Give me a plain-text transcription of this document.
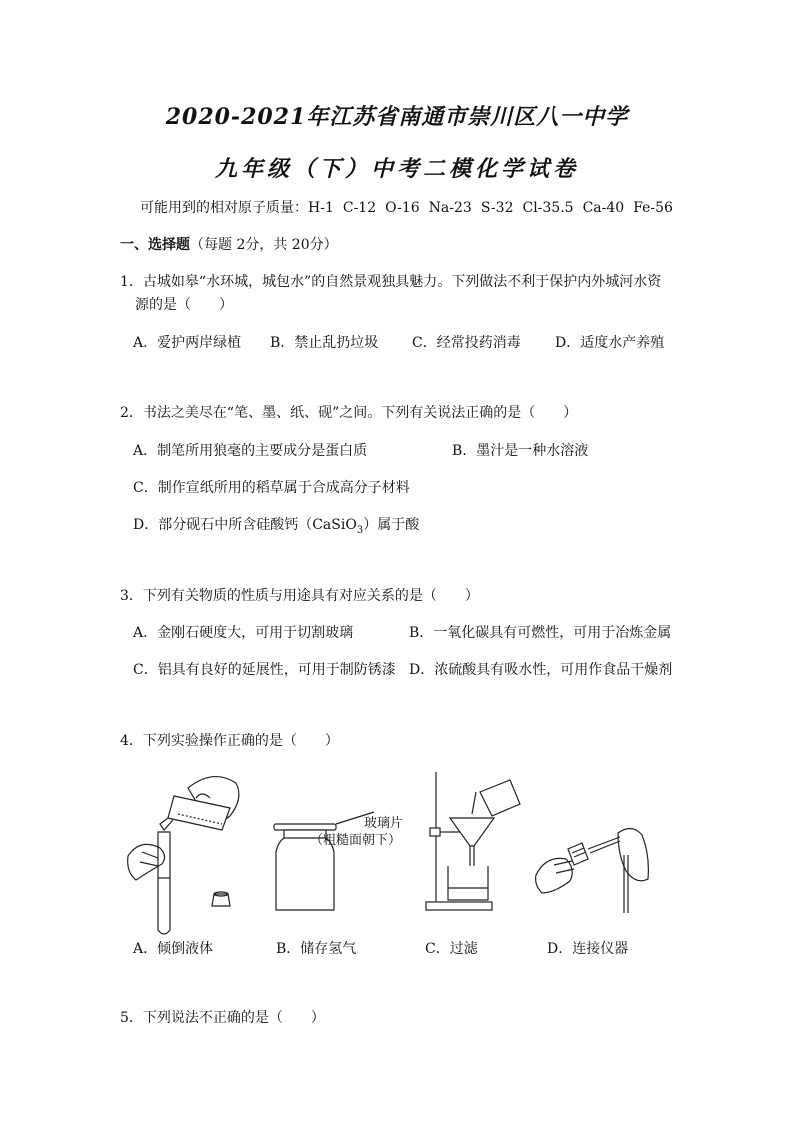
2020-2021年江苏省南通市崇川区八一中学
九年级（下）中考二模化学试卷
可能用到的相对原子质量：H-1 C-12 O-16 Na-23 S-32 Cl-35.5 Ca-40 Fe-56
一、选择题（每题 2分，共 20分）
1．古城如皋“水环城，城包水”的自然景观独具魅力。下列做法不利于保护内外城河水资
源的是（　　）
A．爱护两岸绿植 B．禁止乱扔垃圾 C．经常投药消毒 D．适度水产养殖
2．书法之美尽在“笔、墨、纸、砚”之间。下列有关说法正确的是（　　）
A．制笔所用狼毫的主要成分是蛋白质	B．墨汁是一种水溶液
C．制作宣纸所用的稻草属于合成高分子材料
D．部分砚石中所含硅酸钙（CaSiO$_3$）属于酸
3．下列有关物质的性质与用途具有对应关系的是（　　）
A．金刚石硬度大，可用于切割玻璃	B．一氧化碳具有可燃性，可用于冶炼金属
C．铝具有良好的延展性，可用于制防锈漆 D．浓硫酸具有吸水性，可用作食品干燥剂
4．下列实验操作正确的是（　　）
玻璃片
（粗糙面朝下）
A．倾倒液体	B．储存氢气	C．过滤	D．连接仪器
5．下列说法不正确的是（　　）
